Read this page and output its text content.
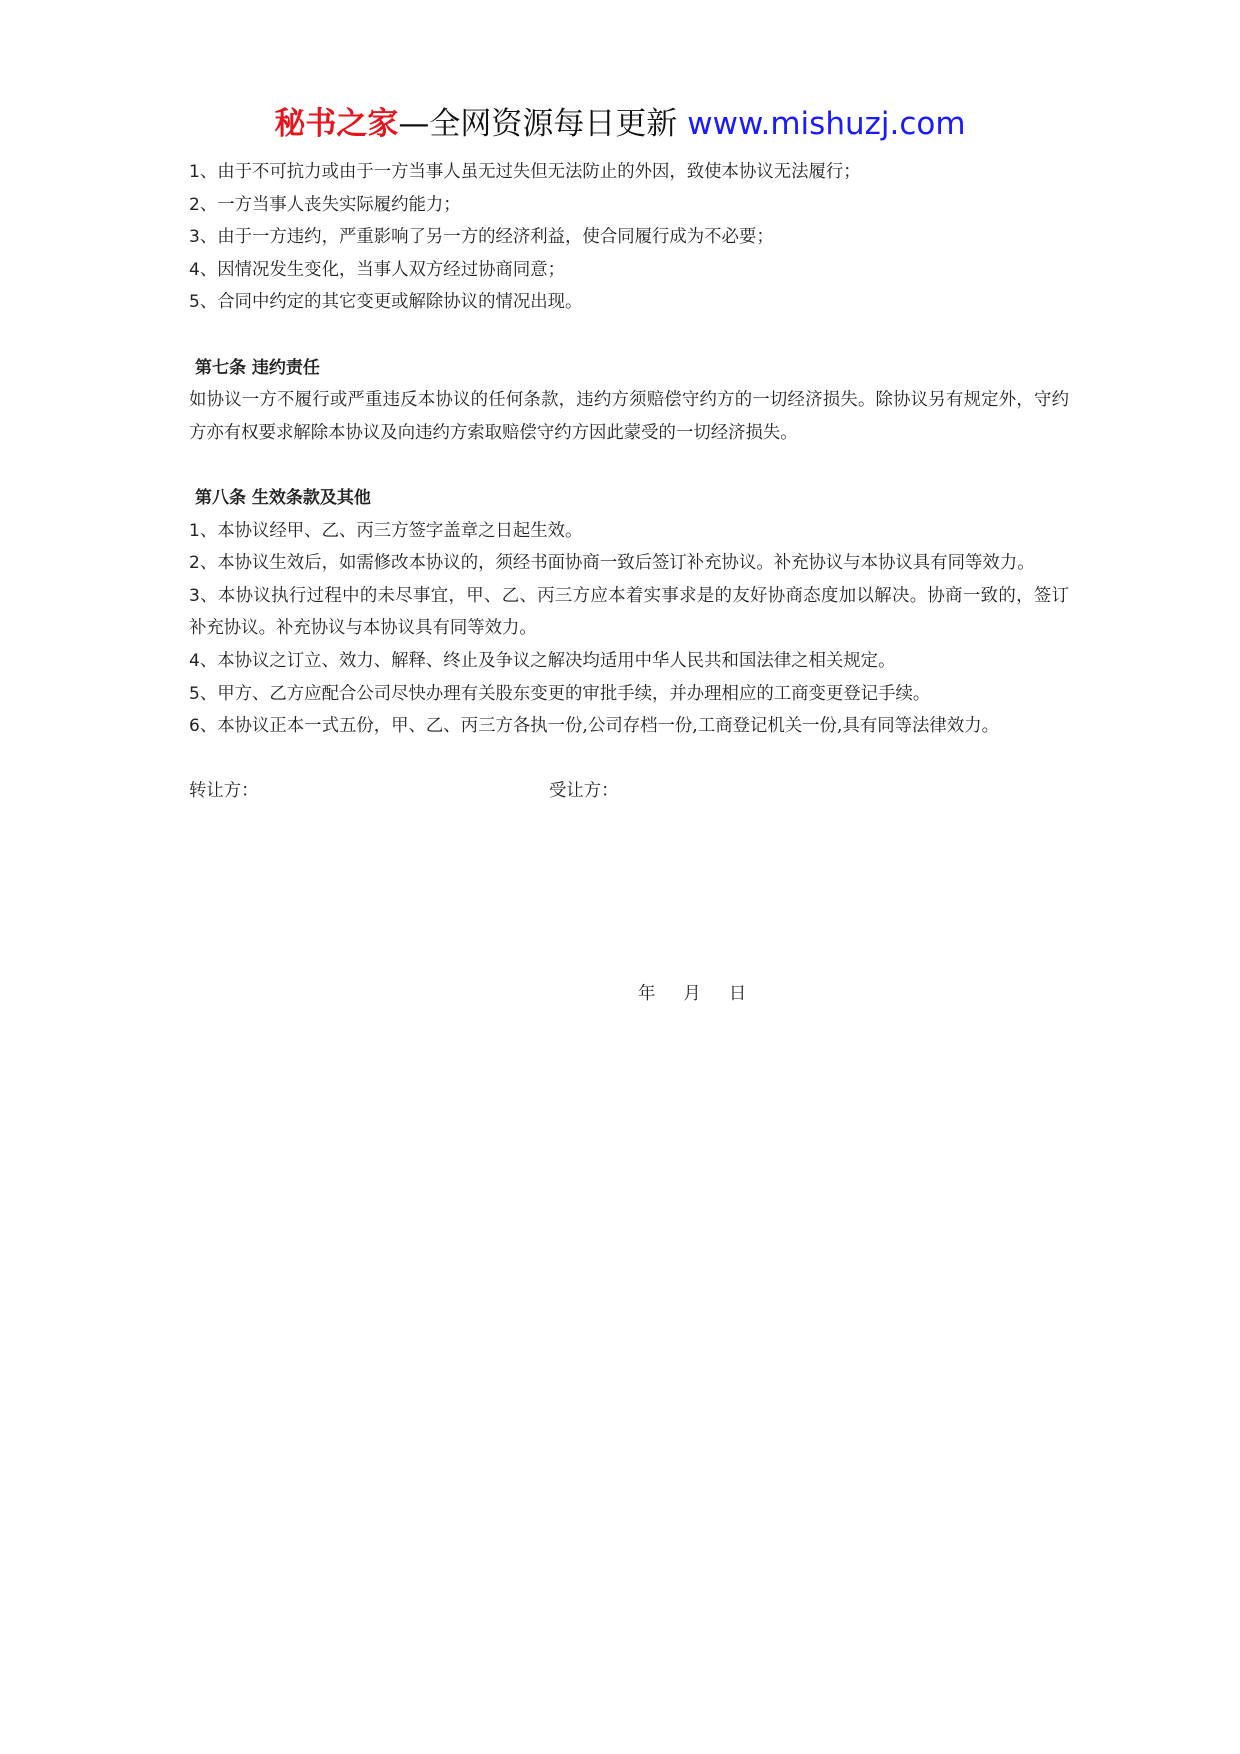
秘书之家—全网资源每日更新 www.mishuzj.com
1、由于不可抗力或由于一方当事人虽无过失但无法防止的外因，致使本协议无法履行；
2、一方当事人丧失实际履约能力；
3、由于一方违约，严重影响了另一方的经济利益，使合同履行成为不必要；
4、因情况发生变化，当事人双方经过协商同意；
5、合同中约定的其它变更或解除协议的情况出现。
第七条 违约责任
如协议一方不履行或严重违反本协议的任何条款，违约方须赔偿守约方的一切经济损失。除协议另有规定外，守约方亦有权要求解除本协议及向违约方索取赔偿守约方因此蒙受的一切经济损失。
第八条 生效条款及其他
1、本协议经甲、乙、丙三方签字盖章之日起生效。
2、本协议生效后，如需修改本协议的，须经书面协商一致后签订补充协议。补充协议与本协议具有同等效力。
3、本协议执行过程中的未尽事宜，甲、乙、丙三方应本着实事求是的友好协商态度加以解决。协商一致的，签订补充协议。补充协议与本协议具有同等效力。
4、本协议之订立、效力、解释、终止及争议之解决均适用中华人民共和国法律之相关规定。
5、甲方、乙方应配合公司尽快办理有关股东变更的审批手续，并办理相应的工商变更登记手续。
6、本协议正本一式五份，甲、乙、丙三方各执一份,公司存档一份,工商登记机关一份,具有同等法律效力。
转让方：	受让方：
年 月 日
